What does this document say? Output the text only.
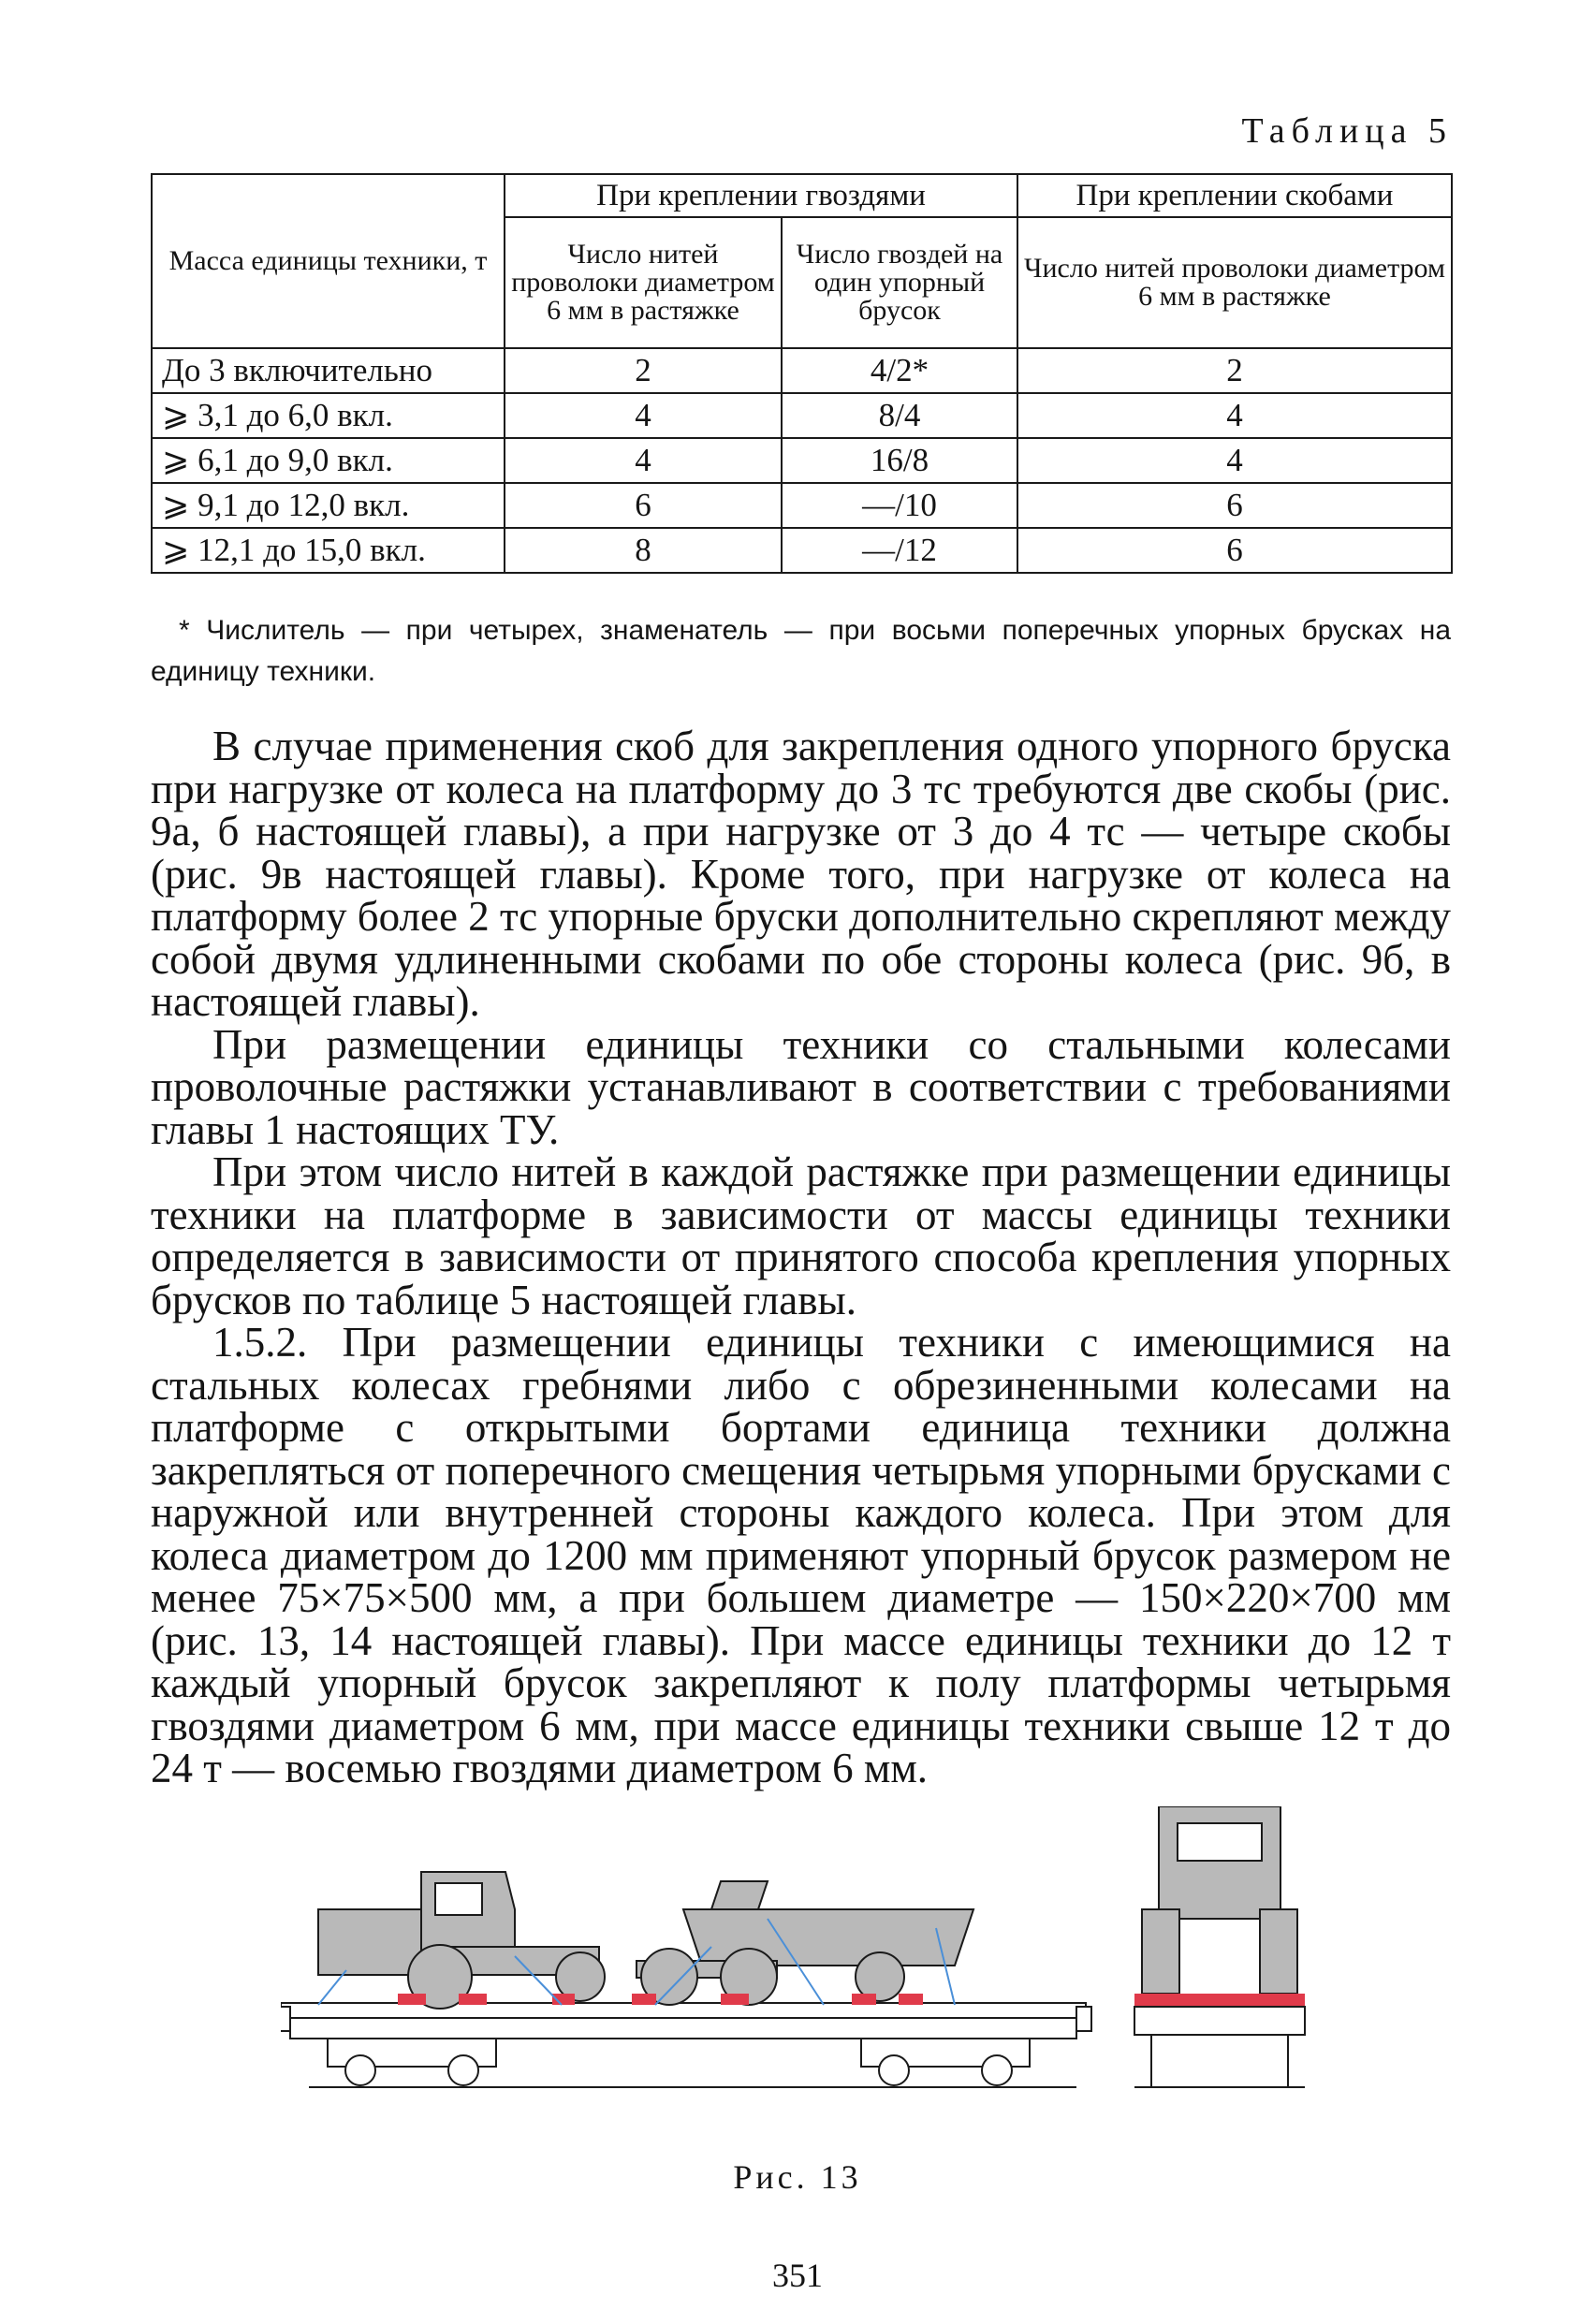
Таблица 5
Масса единицы техники, т	При креплении гвоздями		При креплении скобами
	Число нитей проволоки диаметром 6 мм в растяжке	Число гвоздей на один упорный брусок	Число нитей проволоки диаметром 6 мм в растяжке
До 3 включительно	2	4/2*	2
⩾ 3,1 до 6,0 вкл.	4	8/4	4
⩾ 6,1 до 9,0 вкл.	4	16/8	4
⩾ 9,1 до 12,0 вкл.	6	—/10	6
⩾ 12,1 до 15,0 вкл.	8	—/12	6
* Числитель — при четырех, знаменатель — при восьми поперечных упорных брусках на единицу техники.

В случае применения скоб для закрепления одного упорного бруска при нагрузке от колеса на платформу до 3 тс требуются две скобы (рис. 9а, б настоящей главы), а при нагрузке от 3 до 4 тс — четыре скобы (рис. 9в настоящей главы). Кроме того, при нагрузке от колеса на платформу более 2 тс упорные бруски дополнительно скрепляют между собой двумя удлиненными скобами по обе стороны колеса (рис. 9б, в настоящей главы).

При размещении единицы техники со стальными колесами проволочные растяжки устанавливают в соответствии с требованиями главы 1 настоящих ТУ.

При этом число нитей в каждой растяжке при размещении единицы техники на платформе в зависимости от массы единицы техники определяется в зависимости от принятого способа крепления упорных брусков по таблице 5 настоящей главы.

1.5.2. При размещении единицы техники с имеющимися на стальных колесах гребнями либо с обрезиненными колесами на платформе с открытыми бортами единица техники должна закрепляться от поперечного смещения четырьмя упорными брусками с наружной или внутренней стороны каждого колеса. При этом для колеса диаметром до 1200 мм применяют упорный брусок размером не менее 75×75×500 мм, а при большем диаметре — 150×220×700 мм (рис. 13, 14 настоящей главы). При массе единицы техники до 12 т каждый упорный брусок закрепляют к полу платформы четырьмя гвоздями диаметром 6 мм, при массе единицы техники свыше 12 т до 24 т — восемью гвоздями диаметром 6 мм.

Рис. 13
351
